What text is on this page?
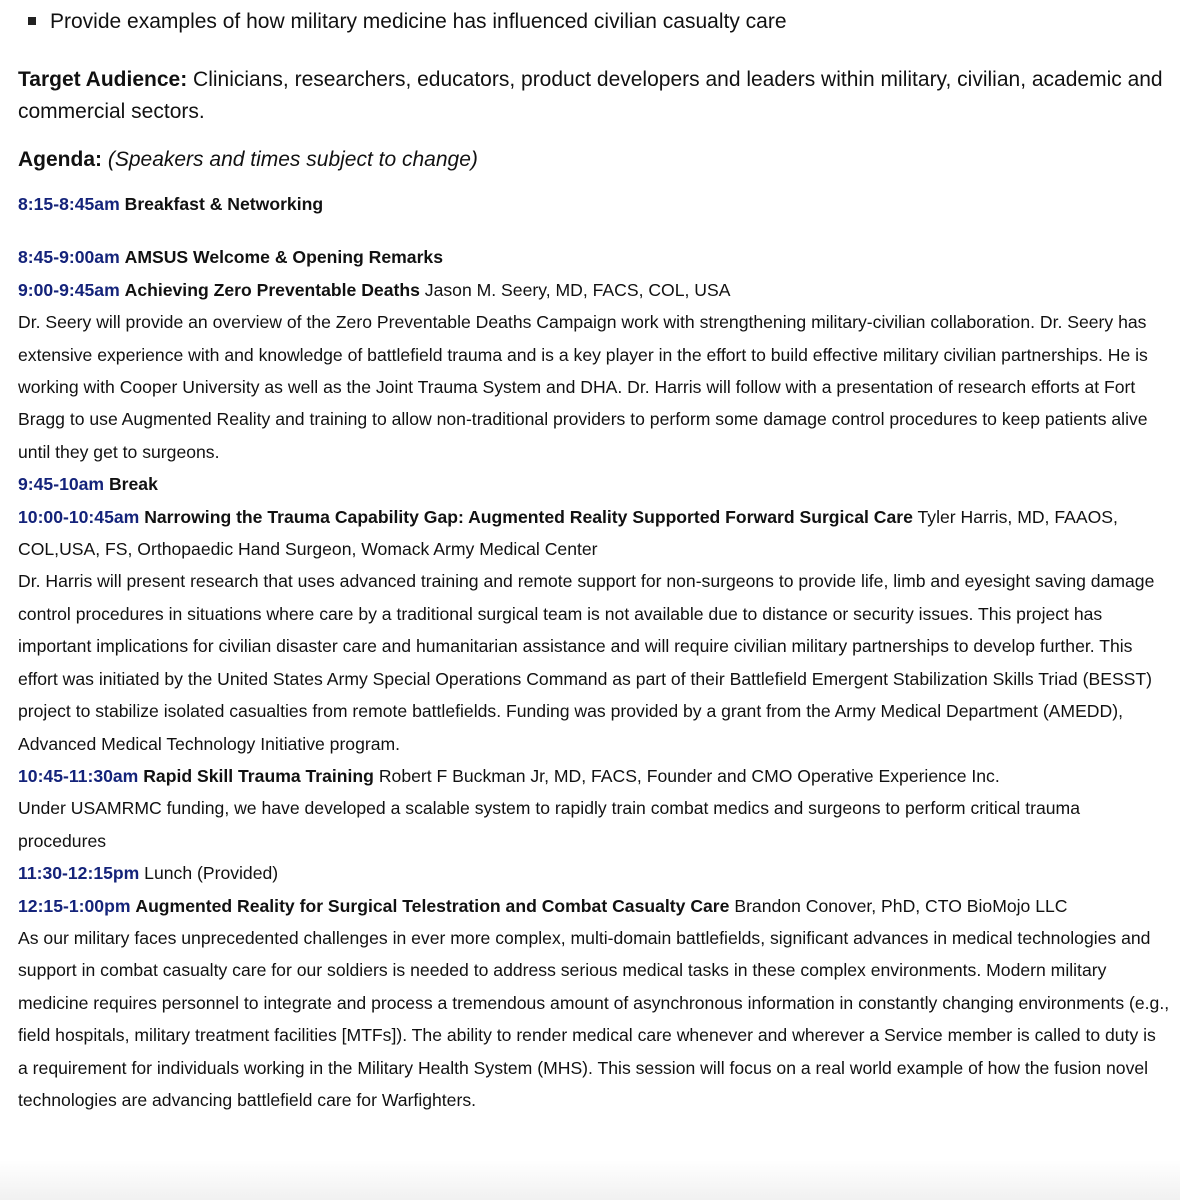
Provide examples of how military medicine has influenced civilian casualty care
Target Audience: Clinicians, researchers, educators, product developers and leaders within military, civilian, academic and commercial sectors.
Agenda: (Speakers and times subject to change)
8:15-8:45am Breakfast & Networking
8:45-9:00am AMSUS Welcome & Opening Remarks
9:00-9:45am Achieving Zero Preventable Deaths Jason M. Seery, MD, FACS, COL, USA
Dr. Seery will provide an overview of the Zero Preventable Deaths Campaign work with strengthening military-civilian collaboration. Dr. Seery has extensive experience with and knowledge of battlefield trauma and is a key player in the effort to build effective military civilian partnerships. He is working with Cooper University as well as the Joint Trauma System and DHA. Dr. Harris will follow with a presentation of research efforts at Fort Bragg to use Augmented Reality and training to allow non-traditional providers to perform some damage control procedures to keep patients alive until they get to surgeons.
9:45-10am Break
10:00-10:45am Narrowing the Trauma Capability Gap: Augmented Reality Supported Forward Surgical Care Tyler Harris, MD, FAAOS, COL,USA, FS, Orthopaedic Hand Surgeon, Womack Army Medical Center
Dr. Harris will present research that uses advanced training and remote support for non-surgeons to provide life, limb and eyesight saving damage control procedures in situations where care by a traditional surgical team is not available due to distance or security issues. This project has important implications for civilian disaster care and humanitarian assistance and will require civilian military partnerships to develop further. This effort was initiated by the United States Army Special Operations Command as part of their Battlefield Emergent Stabilization Skills Triad (BESST) project to stabilize isolated casualties from remote battlefields. Funding was provided by a grant from the Army Medical Department (AMEDD), Advanced Medical Technology Initiative program.
10:45-11:30am Rapid Skill Trauma Training Robert F Buckman Jr, MD, FACS, Founder and CMO Operative Experience Inc.
Under USAMRMC funding, we have developed a scalable system to rapidly train combat medics and surgeons to perform critical trauma procedures
11:30-12:15pm Lunch (Provided)
12:15-1:00pm Augmented Reality for Surgical Telestration and Combat Casualty Care Brandon Conover, PhD, CTO BioMojo LLC
As our military faces unprecedented challenges in ever more complex, multi-domain battlefields, significant advances in medical technologies and support in combat casualty care for our soldiers is needed to address serious medical tasks in these complex environments. Modern military medicine requires personnel to integrate and process a tremendous amount of asynchronous information in constantly changing environments (e.g., field hospitals, military treatment facilities [MTFs]). The ability to render medical care whenever and wherever a Service member is called to duty is a requirement for individuals working in the Military Health System (MHS). This session will focus on a real world example of how the fusion novel technologies are advancing battlefield care for Warfighters.
